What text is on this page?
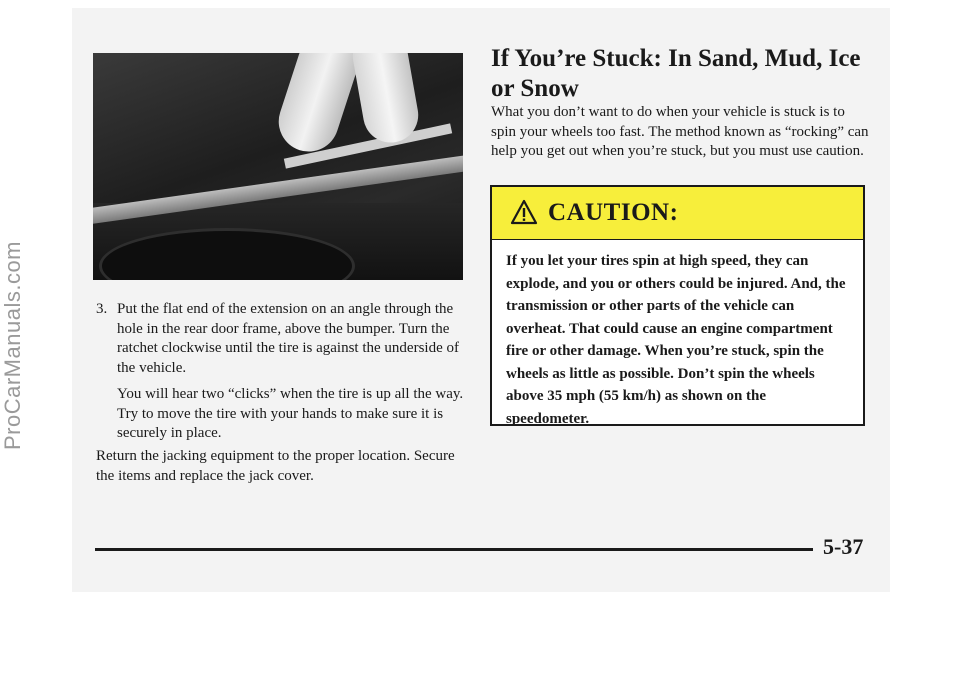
ProCarManuals.com	3. Put the flat end of the extension on an angle through the hole in the rear door frame, above the bumper. Turn the ratchet clockwise until the tire is against the underside of the vehicle.
You will hear two “clicks” when the tire is up all the way. Try to move the tire with your hands to make sure it is securely in place.
Return the jacking equipment to the proper location. Secure the items and replace the jack cover.
If You’re Stuck: In Sand, Mud, Ice or Snow
What you don’t want to do when your vehicle is stuck is to spin your wheels too fast. The method known as “rocking” can help you get out when you’re stuck, but you must use caution.
CAUTION:
If you let your tires spin at high speed, they can explode, and you or others could be injured. And, the transmission or other parts of the vehicle can overheat. That could cause an engine compartment fire or other damage. When you’re stuck, spin the wheels as little as possible. Don’t spin the wheels above 35 mph (55 km/h) as shown on the speedometer.
5-37
